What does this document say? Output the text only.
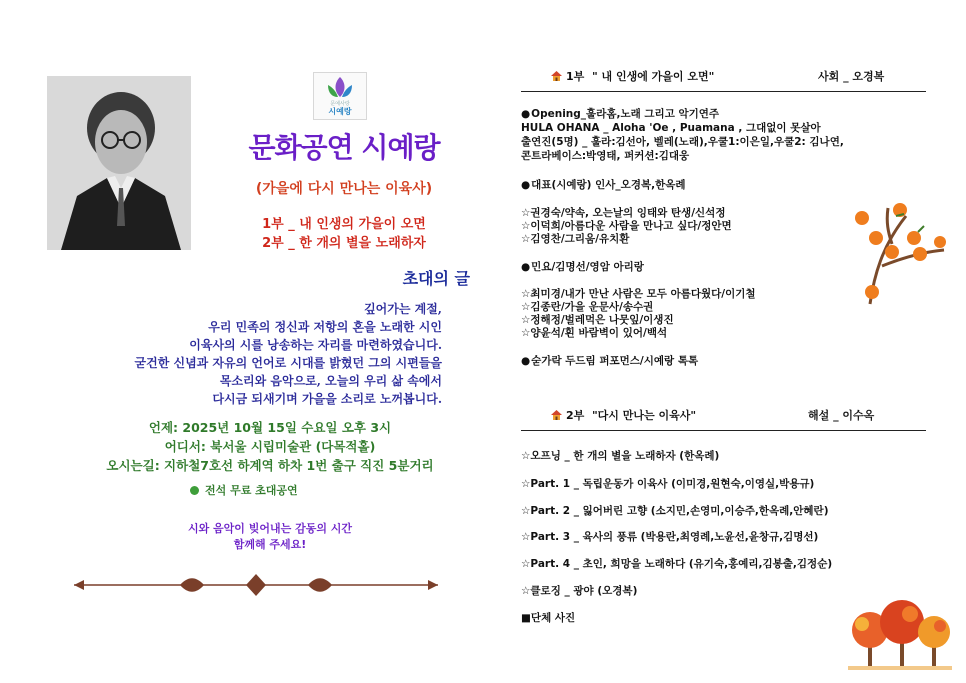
문예사랑
시예랑
문화공연 시예랑
(가을에 다시 만나는 이육사)
1부 _ 내 인생의 가을이 오면
2부 _ 한 개의 별을 노래하자
초대의 글
깊어가는 계절,
우리 민족의 정신과 저항의 혼을 노래한 시인
이육사의 시를 낭송하는 자리를 마련하였습니다.
굳건한 신념과 자유의 언어로 시대를 밝혔던 그의 시편들을
목소리와 음악으로, 오늘의 우리 삶 속에서
다시금 되새기며 가을을 소리로 노꺼봅니다.
언제: 2025년 10월 15일 수요일 오후 3시
어디서: 북서울 시립미술관 (다목적홀)
오시는길: 지하철7호선 하계역 하차 1번 출구 직진 5분거리
전석 무료 초대공연
시와 음악이 빚어내는 감동의 시간
함께해 주세요!
1부 " 내 인생에 가을이 오면"	사회 _ 오경복
● Opening_훌라홈,노래 그리고 악기연주
HULA OHANA _ Aloha 'Oe , Puamana , 그대없이 못살아
출연진(5명) _ 훌라:김선아, 벨레(노래),우쿨1:이은일,우쿨2: 김나연,
콘트라베이스:박영태, 퍼커션:김대웅
● 대표(시예랑) 인사_오경복,한옥례
☆권경숙/약속, 오는날의 잉태와 탄생/신석정
☆이덕희/아름다운 사람을 만나고 싶다/정안면
☆김영찬/그리움/유치환
● 민요/김명선/영암 아리랑
☆최미경/내가 만난 사람은 모두 아름다웠다/이기철
☆김종란/가을 운문사/송수권
☆정해정/벌레먹은 나뭇잎/이생진
☆양윤석/흰 바람벽이 있어/백석
● 숟가락 두드림 퍼포먼스/시예랑 톡톡
2부 "다시 만나는 이육사"	해설 _ 이수옥
☆오프닝 _ 한 개의 별을 노래하자 (한옥례)
☆Part. 1 _ 독립운동가 이육사 (이미경,원현숙,이영실,박용규)
☆Part. 2 _ 잃어버린 고향 (소지민,손영미,이승주,한옥례,안혜란)
☆Part. 3 _ 육사의 풍류 (박용란,최영례,노윤선,윤창규,김명선)
☆Part. 4 _ 초인, 희망을 노래하다 (유기숙,홍예리,김봉출,김정순)
☆클로징 _ 광야 (오경복)
■단체 사진
